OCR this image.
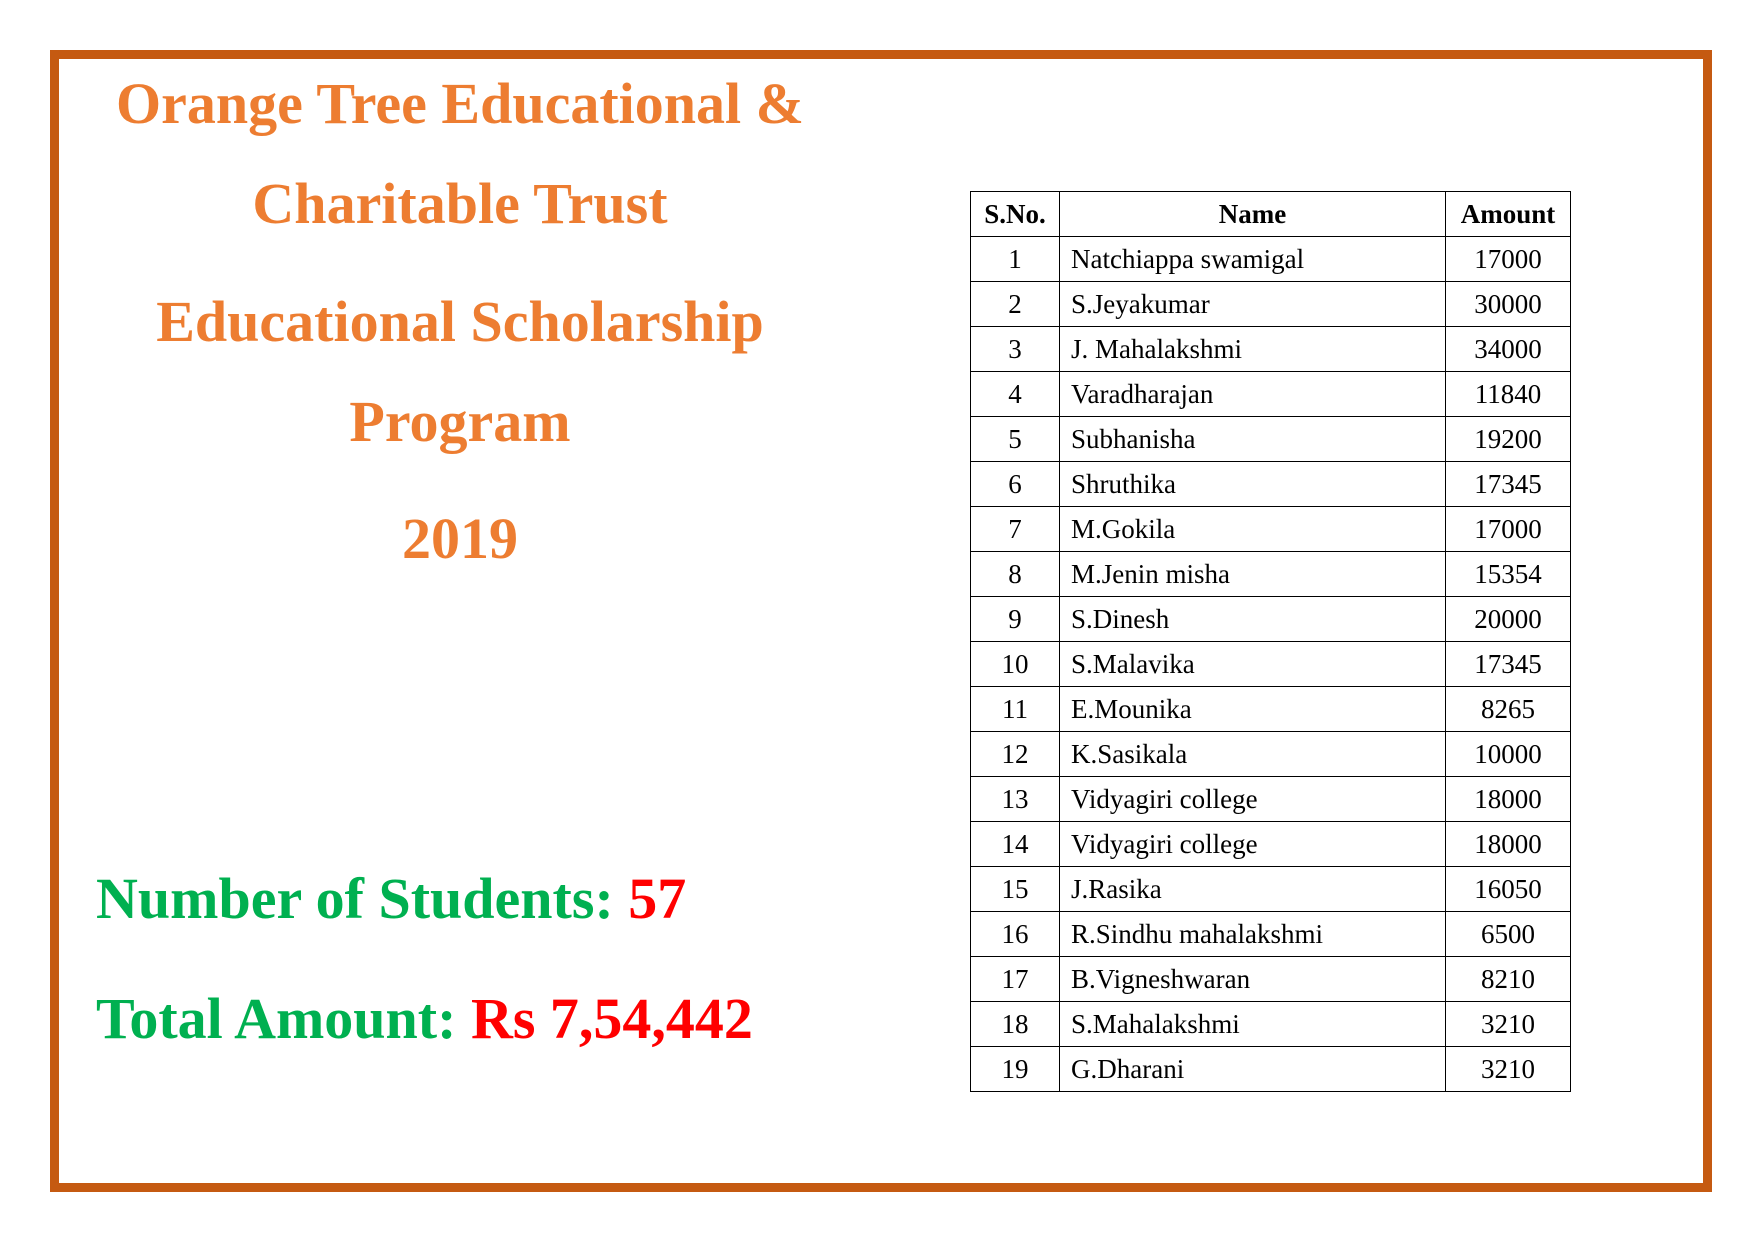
Orange Tree Educational &
Charitable Trust
Educational Scholarship
Program
2019
Number of Students: 57
Total Amount: Rs 7,54,442
S.No.	Name	Amount
1	Natchiappa swamigal	17000
2	S.Jeyakumar	30000
3	J. Mahalakshmi	34000
4	Varadharajan	11840
5	Subhanisha	19200
6	Shruthika	17345
7	M.Gokila	17000
8	M.Jenin misha	15354
9	S.Dinesh	20000
10	S.Malavika	17345
11	E.Mounika	8265
12	K.Sasikala	10000
13	Vidyagiri college	18000
14	Vidyagiri college	18000
15	J.Rasika	16050
16	R.Sindhu mahalakshmi	6500
17	B.Vigneshwaran	8210
18	S.Mahalakshmi	3210
19	G.Dharani	3210
